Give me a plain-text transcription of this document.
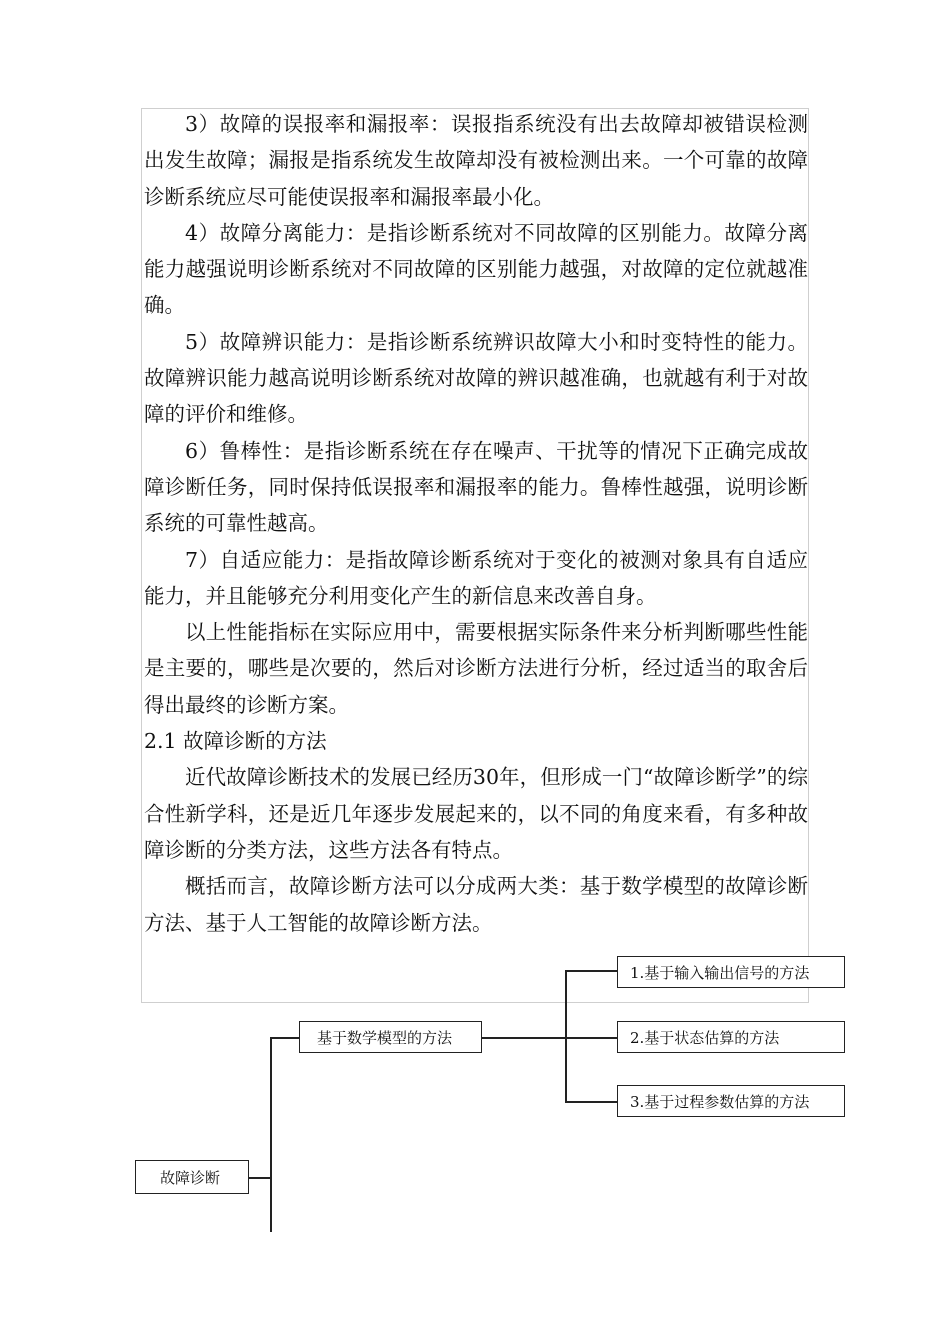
3）故障的误报率和漏报率：误报指系统没有出去故障却被错误检测出发生故障；漏报是指系统发生故障却没有被检测出来。一个可靠的故障诊断系统应尽可能使误报率和漏报率最小化。

4）故障分离能力：是指诊断系统对不同故障的区别能力。故障分离能力越强说明诊断系统对不同故障的区别能力越强，对故障的定位就越准确。

5）故障辨识能力：是指诊断系统辨识故障大小和时变特性的能力。故障辨识能力越高说明诊断系统对故障的辨识越准确，也就越有利于对故障的评价和维修。

6）鲁棒性：是指诊断系统在存在噪声、干扰等的情况下正确完成故障诊断任务，同时保持低误报率和漏报率的能力。鲁棒性越强，说明诊断系统的可靠性越高。

7）自适应能力：是指故障诊断系统对于变化的被测对象具有自适应能力，并且能够充分利用变化产生的新信息来改善自身。

以上性能指标在实际应用中，需要根据实际条件来分析判断哪些性能是主要的，哪些是次要的，然后对诊断方法进行分析，经过适当的取舍后得出最终的诊断方案。

2.1 故障诊断的方法

近代故障诊断技术的发展已经历30年，但形成一门“故障诊断学”的综合性新学科，还是近几年逐步发展起来的，以不同的角度来看，有多种故障诊断的分类方法，这些方法各有特点。

概括而言，故障诊断方法可以分成两大类：基于数学模型的故障诊断方法、基于人工智能的故障诊断方法。

故障诊断
基于数学模型的方法
1.基于输入输出信号的方法
2.基于状态估算的方法
3.基于过程参数估算的方法
